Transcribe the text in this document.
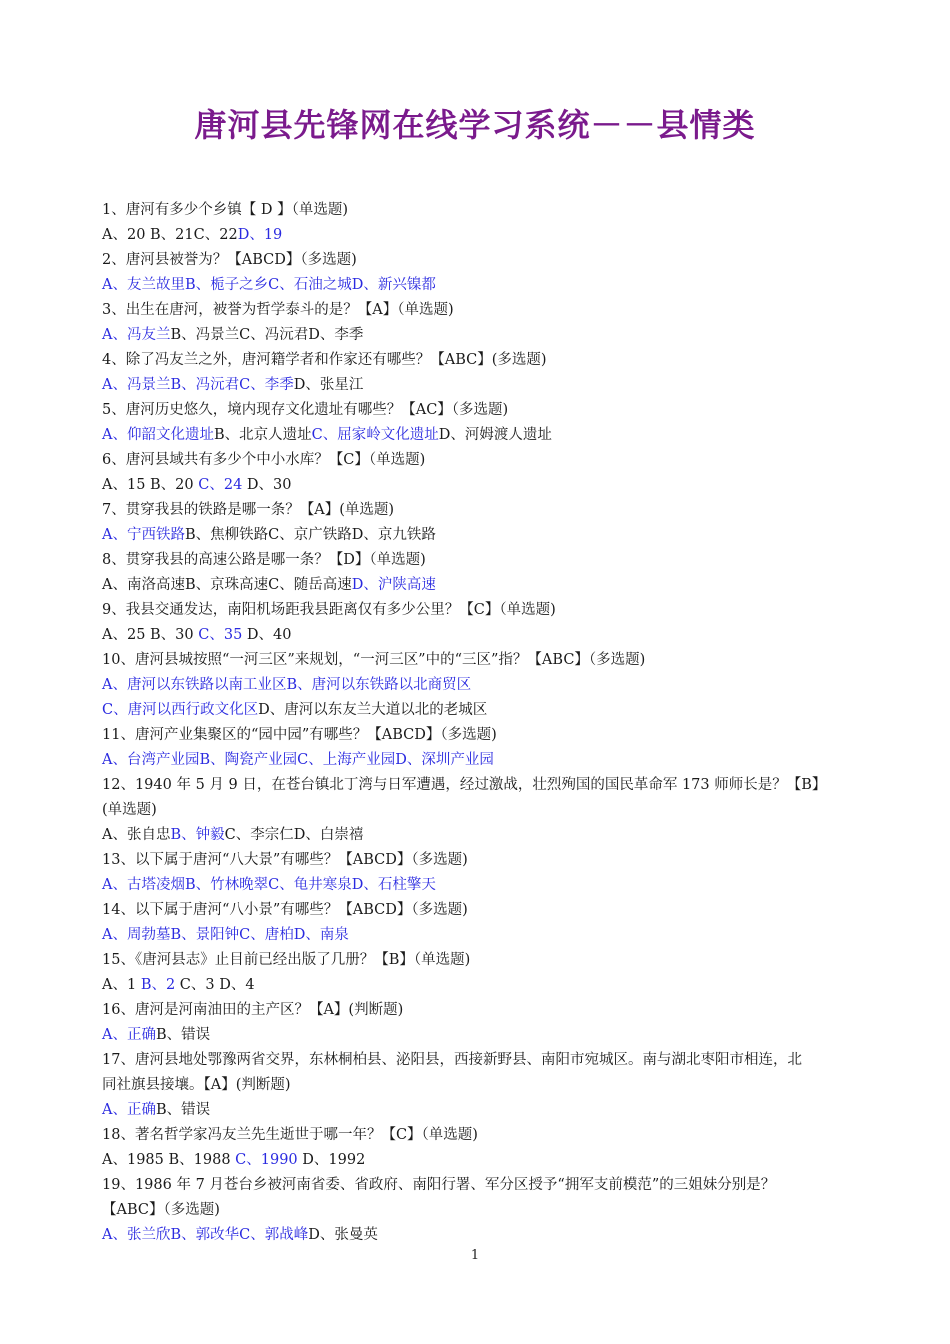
唐河县先锋网在线学习系统－－县情类
1、唐河有多少个乡镇【 D 】（单选题)
A、20 B、21C、22D、19
2、唐河县被誉为？【ABCD】（多选题)
A、友兰故里B、栀子之乡C、石油之城D、新兴镍都
3、出生在唐河，被誉为哲学泰斗的是？【A】（单选题)
A、冯友兰B、冯景兰C、冯沅君D、李季
4、除了冯友兰之外，唐河籍学者和作家还有哪些？【ABC】(多选题)
A、冯景兰B、冯沅君C、李季D、张星江
5、唐河历史悠久，境内现存文化遗址有哪些？【AC】（多选题)
A、仰韶文化遗址B、北京人遗址C、屈家岭文化遗址D、河姆渡人遗址
6、唐河县域共有多少个中小水库？【C】（单选题)
A、15 B、20 C、24 D、30
7、贯穿我县的铁路是哪一条？【A】(单选题)
A、宁西铁路B、焦柳铁路C、京广铁路D、京九铁路
8、贯穿我县的高速公路是哪一条？【D】（单选题)
A、南洛高速B、京珠高速C、随岳高速D、沪陕高速
9、我县交通发达，南阳机场距我县距离仅有多少公里？【C】（单选题)
A、25 B、30 C、35 D、40
10、唐河县城按照“一河三区”来规划，“一河三区”中的“三区”指？【ABC】（多选题)
A、唐河以东铁路以南工业区B、唐河以东铁路以北商贸区
C、唐河以西行政文化区D、唐河以东友兰大道以北的老城区
11、唐河产业集聚区的“园中园”有哪些？【ABCD】（多选题)
A、台湾产业园B、陶瓷产业园C、上海产业园D、深圳产业园
12、1940 年 5 月 9 日，在苍台镇北丁湾与日军遭遇，经过激战，壮烈殉国的国民革命军 173 师师长是？【B】
(单选题)
A、张自忠B、钟毅C、李宗仁D、白崇禧
13、以下属于唐河“八大景”有哪些？【ABCD】（多选题)
A、古塔凌烟B、竹林晚翠C、龟井寒泉D、石柱擎天
14、以下属于唐河“八小景”有哪些？【ABCD】（多选题)
A、周勃墓B、景阳钟C、唐柏D、南泉
15、《唐河县志》止目前已经出版了几册？【B】（单选题)
A、1 B、2 C、3 D、4
16、唐河是河南油田的主产区？【A】(判断题)
A、正确B、错误
17、唐河县地处鄂豫两省交界，东林桐柏县、泌阳县，西接新野县、南阳市宛城区。南与湖北枣阳市相连，北
同社旗县接壤。【A】(判断题)
A、正确B、错误
18、著名哲学家冯友兰先生逝世于哪一年？【C】（单选题)
A、1985 B、1988 C、1990 D、1992
19、1986 年 7 月苍台乡被河南省委、省政府、南阳行署、军分区授予“拥军支前模范”的三姐妹分别是？
【ABC】（多选题)
A、张兰欣B、郭改华C、郭战峰D、张曼英
1
